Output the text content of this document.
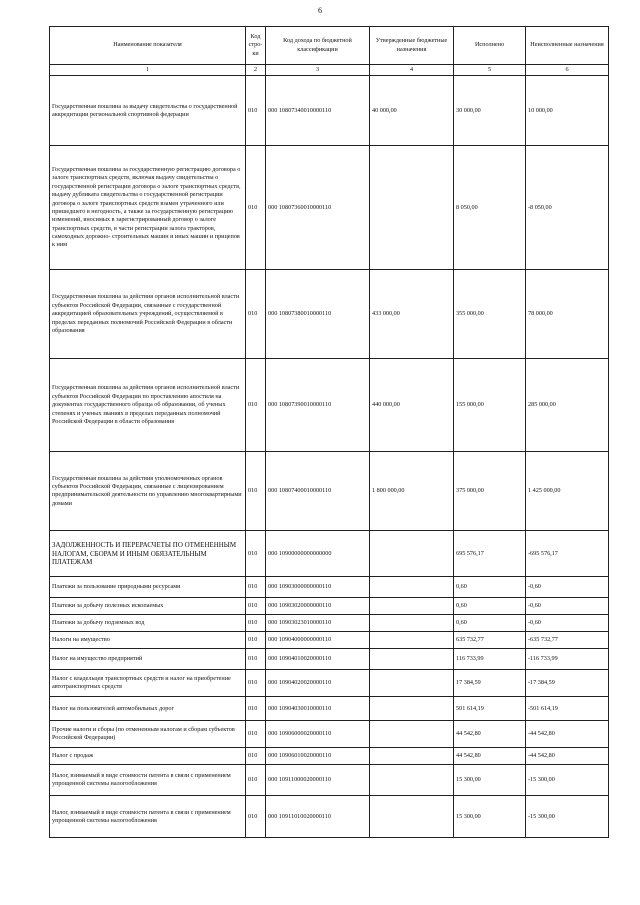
6
Наименование показателя	Код стро-ки	Код дохода по бюджетной классификации	Утвержденные бюджетные назначения	Исполнено	Неисполненные назначения
1	2	3	4	5	6
Государственная пошлина за выдачу свидетельства о государственной аккредитации региональной спортивной федерации	010	000 10807340010000110	40 000,00	30 000,00	10 000,00
Государственная пошлина за государственную регистрацию договора о залоге транспортных средств, включая выдачу свидетельства о государственной регистрации договора о залоге транспортных средств, выдачу дубликата свидетельства о государственной регистрации договора о залоге транспортных средств взамен утраченного или пришедшего в негодность, а также за государственную регистрацию изменений, вносимых в зарегистрированный договор о залоге транспортных средств, в части регистрации залога тракторов, самоходных дорожно- строительных машин и иных машин и прицепов к ним	010	000 10807360010000110		8 050,00	-8 050,00
Государственная пошлина за действия органов исполнительной власти субъектов Российской Федерации, связанные с государственной аккредитацией образовательных учреждений, осуществляемой в пределах переданных полномочий Российской Федерации в области образования	010	000 10807380010000110	433 000,00	355 000,00	78 000,00
Государственная пошлина за действия органов исполнительной власти субъектов Российской Федерации по проставлению апостиля на документах государственного образца об образовании, об ученых степенях и ученых званиях в пределах переданных полномочий Российской Федерации в области образования	010	000 10807390010000110	440 000,00	155 000,00	285 000,00
Государственная пошлина за действия уполномоченных органов субъектов Российской Федерации, связанные с лицензированием предпринимательской деятельности по управлению многоквартирными домами	010	000 10807400010000110	1 800 000,00	375 000,00	1 425 000,00
ЗАДОЛЖЕННОСТЬ И ПЕРЕРАСЧЕТЫ ПО ОТМЕНЕННЫМ НАЛОГАМ, СБОРАМ И ИНЫМ ОБЯЗАТЕЛЬНЫМ ПЛАТЕЖАМ	010	000 10900000000000000		695 576,17	-695 576,17
Платежи за пользование природными ресурсами	010	000 10903000000000110		0,60	-0,60
Платежи за добычу полезных ископаемых	010	000 10903020000000110		0,60	-0,60
Платежи за добычу подземных вод	010	000 10903023010000110		0,60	-0,60
Налоги на имущество	010	000 10904000000000110		635 732,77	-635 732,77
Налог на имущество предприятий	010	000 10904010020000110		116 733,99	-116 733,99
Налог с владельцев транспортных средств и налог на приобретение автотранспортных средств	010	000 10904020020000110		17 384,59	-17 384,59
Налог на пользователей автомобильных дорог	010	000 10904030010000110		501 614,19	-501 614,19
Прочие налоги и сборы (по отмененным налогам и сборам субъектов Российской Федерации)	010	000 10906000020000110		44 542,80	-44 542,80
Налог с продаж	010	000 10906010020000110		44 542,80	-44 542,80
Налог, взимаемый в виде стоимости патента в связи с применением упрощенной системы налогообложения	010	000 10911000020000110		15 300,00	-15 300,00
Налог, взимаемый в виде стоимости патента в связи с применением упрощенной системы налогообложения	010	000 10911010020000110		15 300,00	-15 300,00
